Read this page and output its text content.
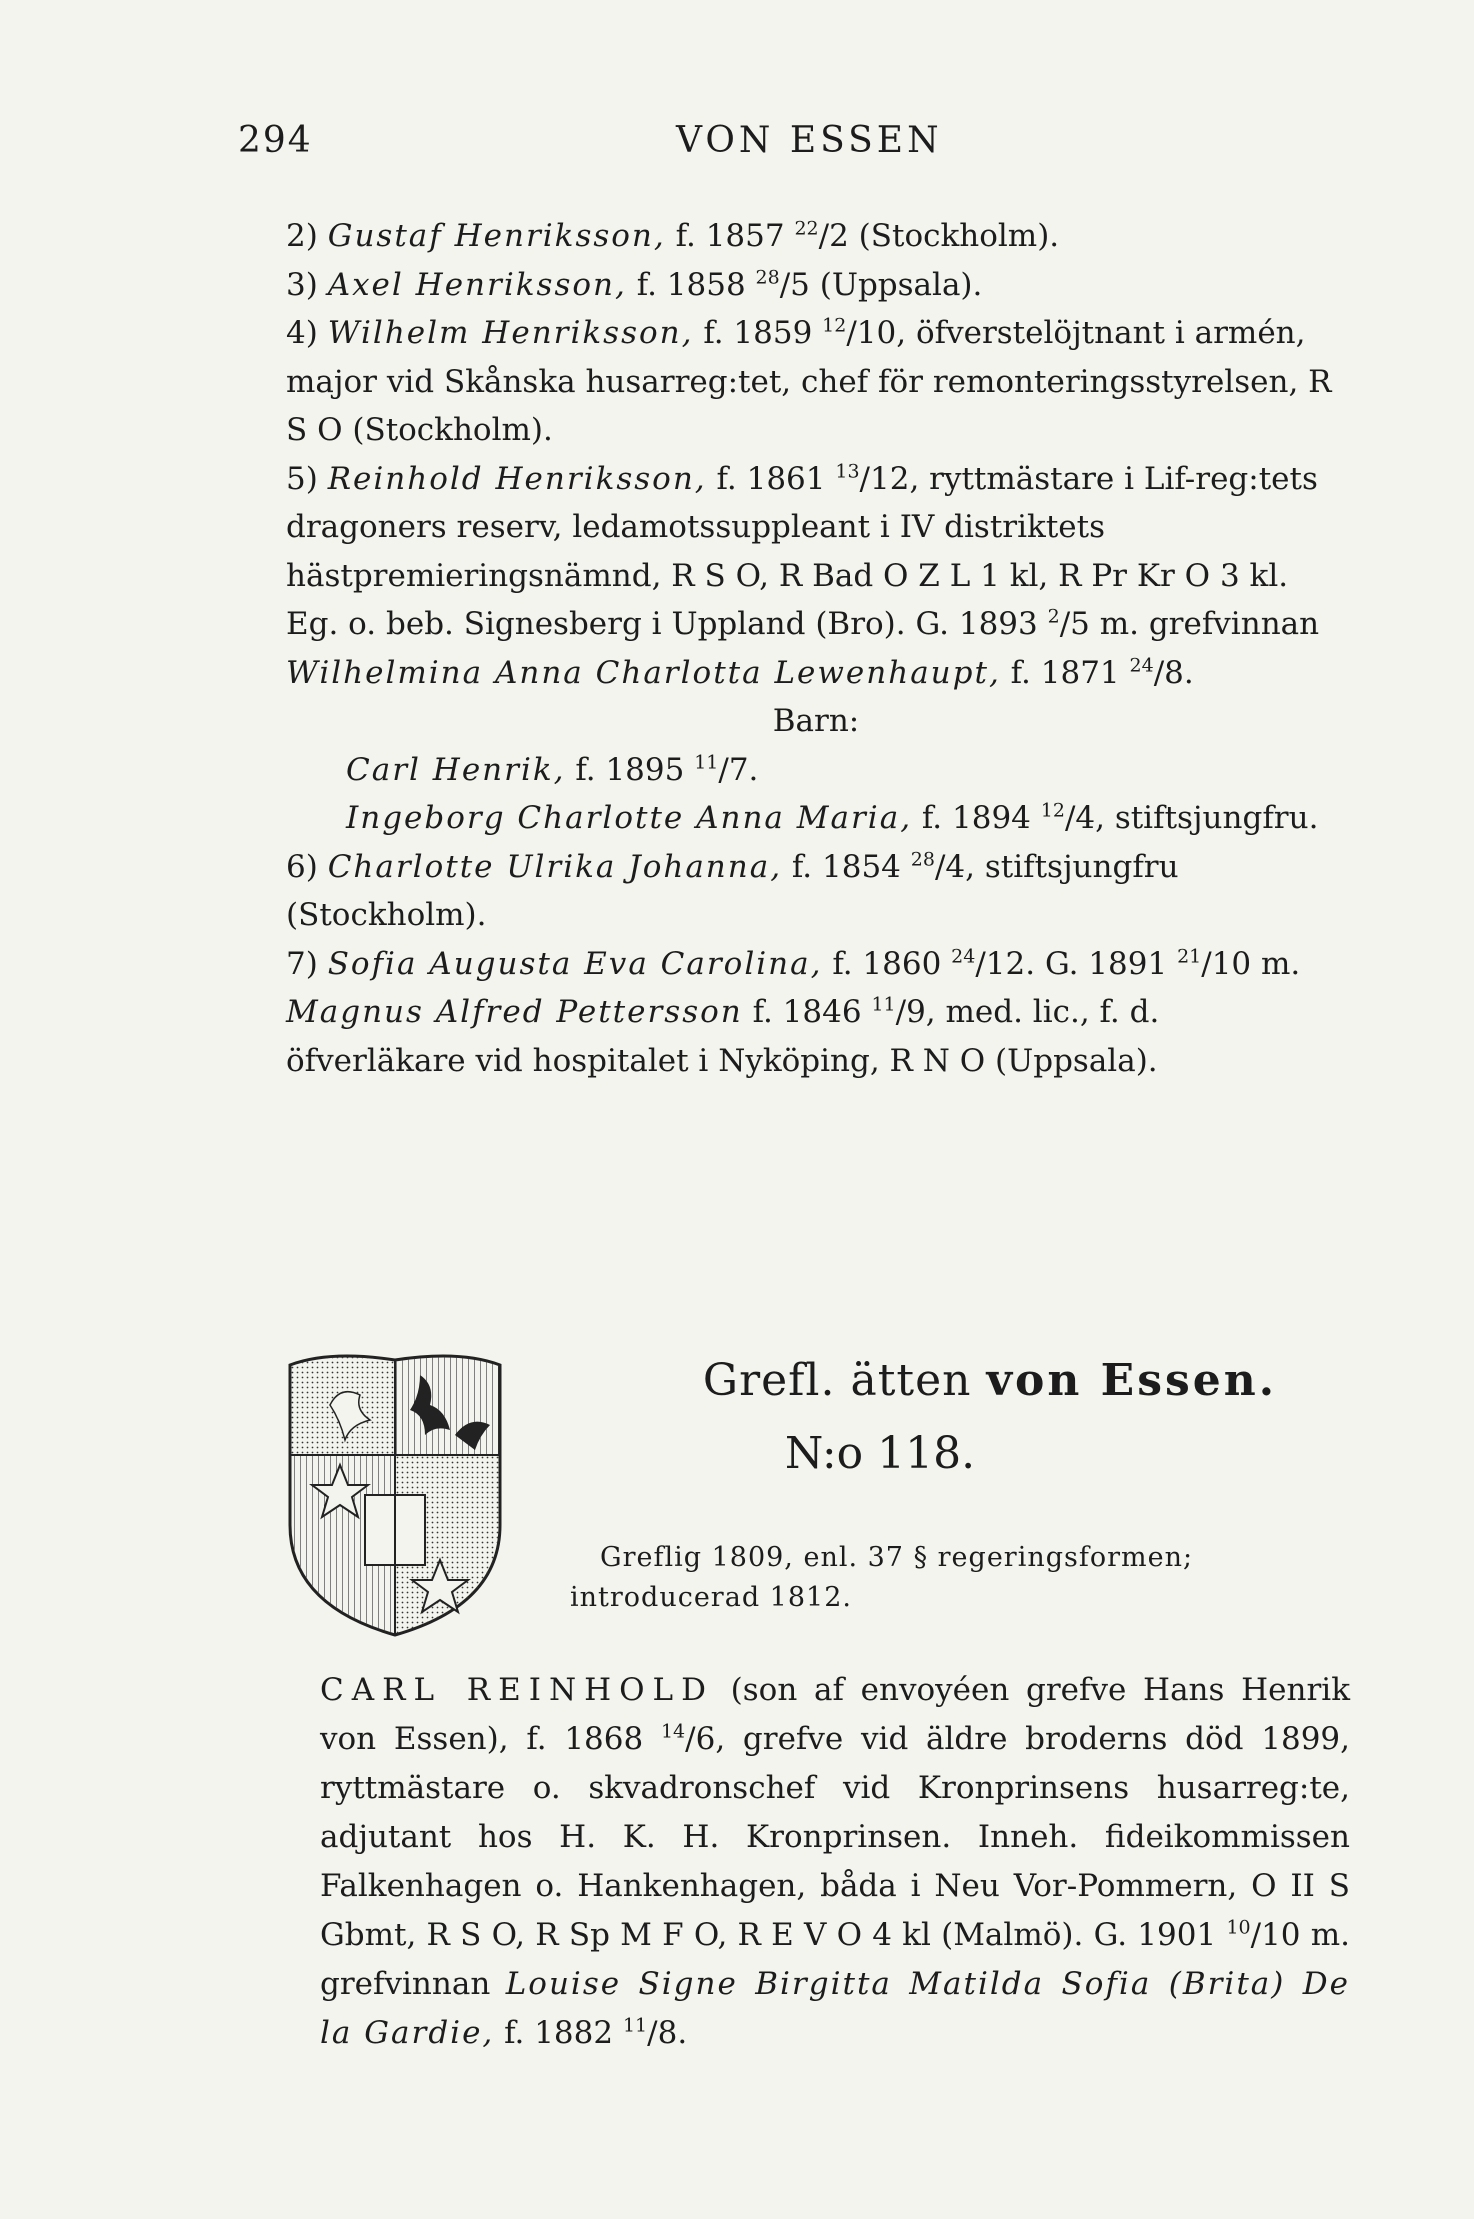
294	VON ESSEN

2) Gustaf Henriksson, f. 1857 $^{22}$/2 (Stockholm).

3) Axel Henriksson, f. 1858 $^{28}$/5 (Uppsala).

4) Wilhelm Henriksson, f. 1859 $^{12}$/10, öfverstelöjtnant i armén, major vid Skånska husarreg:tet, chef för remonteringsstyrelsen, R S O (Stockholm).

5) Reinhold Henriksson, f. 1861 $^{13}$/12, ryttmästare i Lif-reg:tets dragoners reserv, ledamotssuppleant i IV distriktets hästpremieringsnämnd, R S O, R Bad O Z L 1 kl, R Pr Kr O 3 kl. Eg. o. beb. Signesberg i Uppland (Bro). G. 1893 $^2$/5 m. grefvinnan Wilhelmina Anna Charlotta Lewenhaupt, f. 1871 $^{24}$/8.

Barn:

Carl Henrik, f. 1895 $^{11}$/7.

Ingeborg Charlotte Anna Maria, f. 1894 $^{12}$/4, stiftsjungfru.

6) Charlotte Ulrika Johanna, f. 1854 $^{28}$/4, stiftsjungfru (Stockholm).

7) Sofia Augusta Eva Carolina, f. 1860 $^{24}$/12. G. 1891 $^{21}$/10 m. Magnus Alfred Pettersson f. 1846 $^{11}$/9, med. lic., f. d. öfverläkare vid hospitalet i Nyköping, R N O (Uppsala).

Grefl. ätten von Essen.
N:o 118.
Greflig 1809, enl. 37 § regeringsformen; introducerad 1812.
CARL REINHOLD (son af envoyéen grefve Hans Henrik von Essen), f. 1868 $^{14}$/6, grefve vid äldre broderns död 1899, ryttmästare o. skvadronschef vid Kronprinsens husarreg:te, adjutant hos H. K. H. Kronprinsen. Inneh. fideikommissen Falkenhagen o. Hankenhagen, båda i Neu Vor-Pommern, O II S Gbmt, R S O, R Sp M F O, R E V O 4 kl (Malmö). G. 1901 $^{10}$/10 m. grefvinnan Louise Signe Birgitta Matilda Sofia (Brita) De la Gardie, f. 1882 $^{11}$/8.
